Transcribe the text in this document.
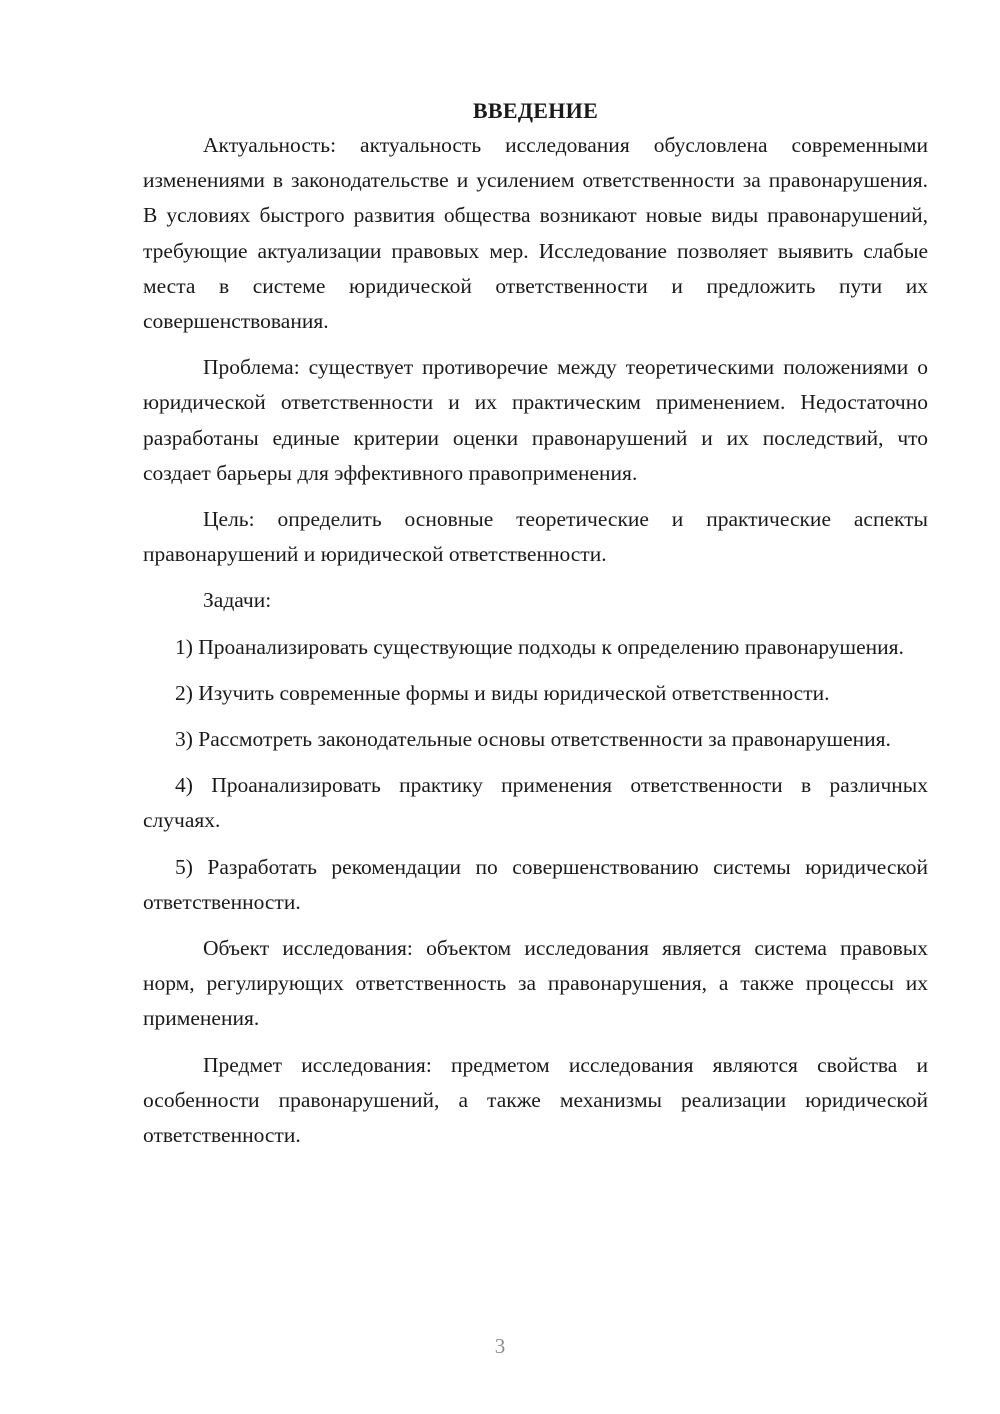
ВВЕДЕНИЕ

Актуальность: актуальность исследования обусловлена современными изменениями в законодательстве и усилением ответственности за правонарушения. В условиях быстрого развития общества возникают новые виды правонарушений, требующие актуализации правовых мер. Исследование позволяет выявить слабые места в системе юридической ответственности и предложить пути их совершенствования.

Проблема: существует противоречие между теоретическими положениями о юридической ответственности и их практическим применением. Недостаточно разработаны единые критерии оценки правонарушений и их последствий, что создает барьеры для эффективного правоприменения.

Цель: определить основные теоретические и практические аспекты правонарушений и юридической ответственности.

Задачи:

1) Проанализировать существующие подходы к определению правонарушения.

2) Изучить современные формы и виды юридической ответственности.

3) Рассмотреть законодательные основы ответственности за правонарушения.

4) Проанализировать практику применения ответственности в различных случаях.

5) Разработать рекомендации по совершенствованию системы юридической ответственности.

Объект исследования: объектом исследования является система правовых норм, регулирующих ответственность за правонарушения, а также процессы их применения.

Предмет исследования: предметом исследования являются свойства и особенности правонарушений, а также механизмы реализации юридической ответственности.

3
